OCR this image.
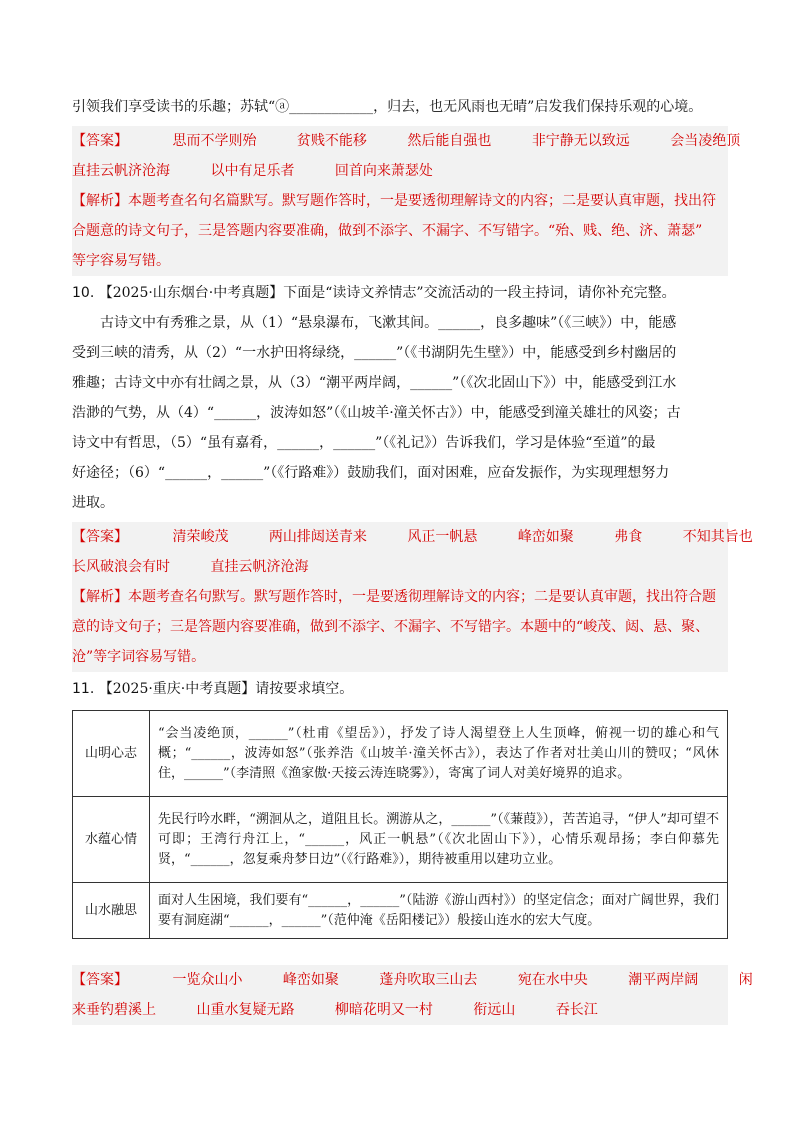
引领我们享受读书的乐趣；苏轼“ⓐ____________，归去，也无风雨也无晴”启发我们保持乐观的心境。
【答案】	思而不学则殆	贫贱不能移	然后能自强也	非宁静无以致远	会当凌绝顶
直挂云帆济沧海	以中有足乐者	回首向来萧瑟处
【解析】本题考查名句名篇默写。默写题作答时，一是要透彻理解诗文的内容；二是要认真审题，找出符
合题意的诗文句子，三是答题内容要准确，做到不添字、不漏字、不写错字。“殆、贱、绝、济、萧瑟”
等字容易写错。
10. 【2025·山东烟台·中考真题】下面是“读诗文养情志”交流活动的一段主持词，请你补充完整。
古诗文中有秀雅之景，从（1）“悬泉瀑布，飞漱其间。______，良多趣味”（《三峡》）中，能感
受到三峡的清秀，从（2）“一水护田将绿绕，______”（《书湖阴先生壁》）中，能感受到乡村幽居的
雅趣；古诗文中亦有壮阔之景，从（3）“潮平两岸阔，______”（《次北固山下》）中，能感受到江水
浩渺的气势，从（4）“______，波涛如怒”（《山坡羊·潼关怀古》）中，能感受到潼关雄壮的风姿；古
诗文中有哲思，（5）“虽有嘉肴，______，______”（《礼记》）告诉我们，学习是体验“至道”的最
好途径；（6）“______，______”（《行路难》）鼓励我们，面对困难，应奋发振作，为实现理想努力
进取。
【答案】	清荣峻茂	两山排闼送青来	风正一帆悬	峰峦如聚	弗食	不知其旨也
长风破浪会有时	直挂云帆济沧海
【解析】本题考查名句默写。默写题作答时，一是要透彻理解诗文的内容；二是要认真审题，找出符合题
意的诗文句子；三是答题内容要准确，做到不添字、不漏字、不写错字。本题中的“峻茂、闼、悬、聚、
沧”等字词容易写错。
11. 【2025·重庆·中考真题】请按要求填空。
山明心志	“会当凌绝顶，______”（杜甫《望岳》），抒发了诗人渴望登上人生顶峰，俯视一切的雄心和气概；“______，波涛如怒”（张养浩《山坡羊·潼关怀古》），表达了作者对壮美山川的赞叹；“风休住，______”（李清照《渔家傲·天接云涛连晓雾》），寄寓了词人对美好境界的追求。
水蕴心情	先民行吟水畔，“溯洄从之，道阻且长。溯游从之，______”（《蒹葭》），苦苦追寻，“伊人”却可望不可即；王湾行舟江上，“______，风正一帆悬”（《次北固山下》），心情乐观昂扬；李白仰慕先贤，“______，忽复乘舟梦日边”（《行路难》），期待被重用以建功立业。
山水融思	面对人生困境，我们要有“______，______”（陆游《游山西村》）的坚定信念；面对广阔世界，我们要有洞庭湖“______，______”（范仲淹《岳阳楼记》）般接山连水的宏大气度。
【答案】	一览众山小	峰峦如聚	蓬舟吹取三山去	宛在水中央	潮平两岸阔	闲
来垂钓碧溪上	山重水复疑无路	柳暗花明又一村	衔远山	吞长江
